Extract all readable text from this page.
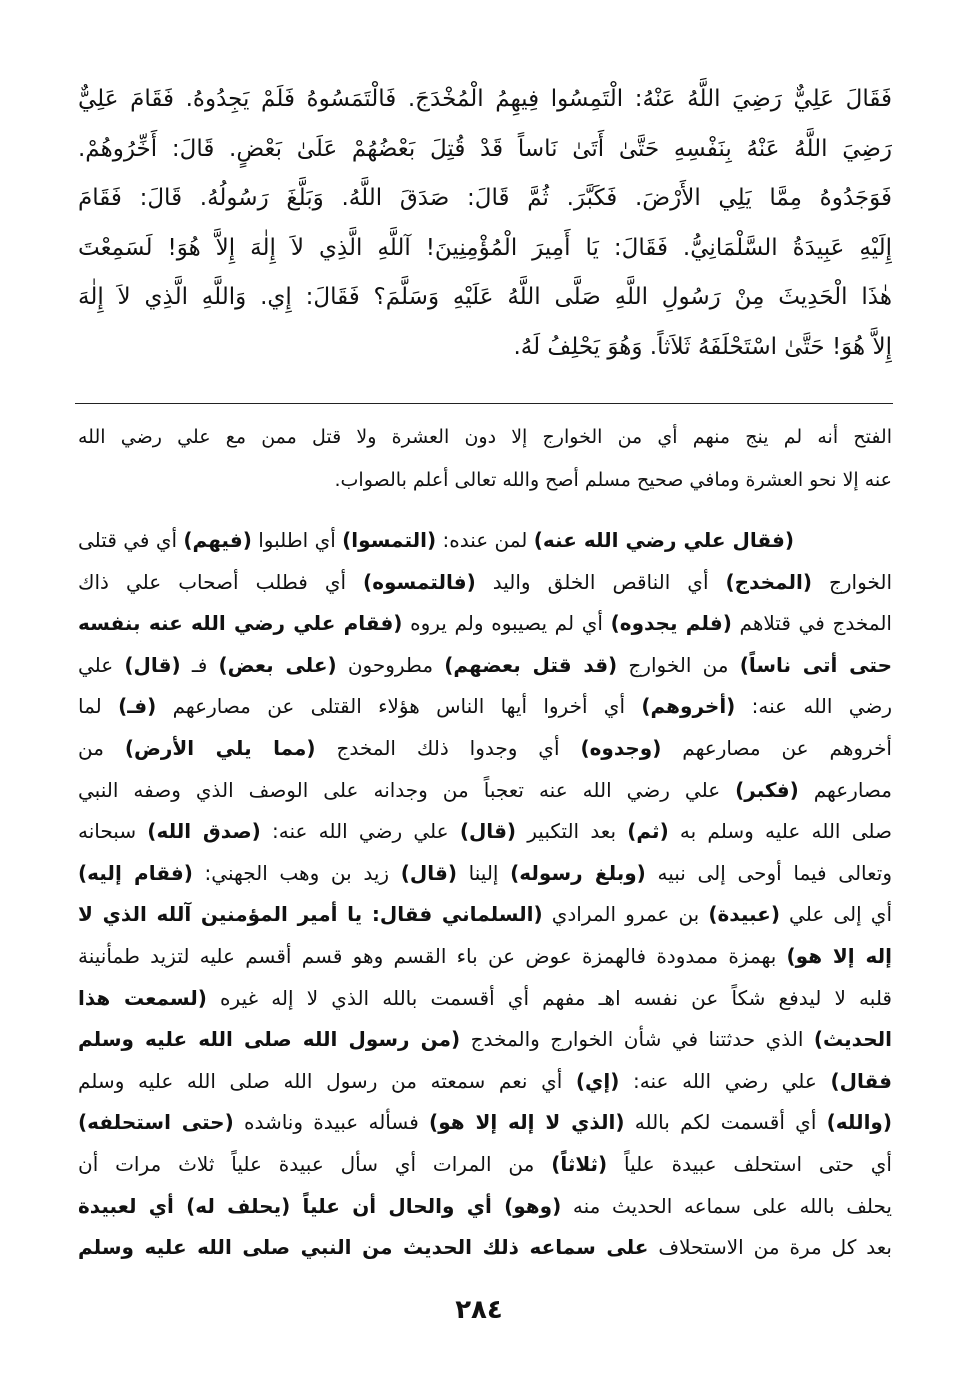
فَقَالَ عَلِيٌّ رَضِيَ اللَّهُ عَنْهُ: الْتَمِسُوا فِيهِمُ الْمُخْدَجَ. فَالْتَمَسُوهُ فَلَمْ يَجِدُوهُ. فَقَامَ عَلِيٌّ
رَضِيَ اللَّهُ عَنْهُ بِنَفْسِهِ حَتَّىٰ أَتَىٰ نَاساً قَدْ قُتِلَ بَعْضُهُمْ عَلَىٰ بَعْضٍ. قَالَ: أَخِّرُوهُمْ.
فَوَجَدُوهُ مِمَّا يَلِي الأَرْضَ. فَكَبَّرَ. ثُمَّ قَالَ: صَدَقَ اللَّهُ. وَبَلَّغَ رَسُولُهُ. قَالَ: فَقَامَ
إِلَيْهِ عَبِيدَةُ السَّلْمَانِيُّ. فَقَالَ: يَا أَمِيرَ الْمُؤْمِنِينَ! آللَّهِ الَّذِي لاَ إِلٰهَ إِلاَّ هُوَ! لَسَمِعْتَ
هٰذَا الْحَدِيثَ مِنْ رَسُولِ اللَّهِ صَلَّى اللَّهُ عَلَيْهِ وَسَلَّمَ؟ فَقَالَ: إِي. وَاللَّهِ الَّذِي لاَ إِلٰهَ
إِلاَّ هُوَ! حَتَّىٰ اسْتَحْلَفَهُ ثَلاَثاً. وَهُوَ يَحْلِفُ لَهُ.
الفتح أنه لم ينج منهم أي من الخوارج إلا دون العشرة ولا قتل ممن مع علي رضي الله
عنه إلا نحو العشرة ومافي صحيح مسلم أصح والله تعالى أعلم بالصواب.
(فقال علي رضي الله عنه) لمن عنده: (التمسوا) أي اطلبوا (فيهم) أي في قتلى
الخوارج (المخدج) أي الناقص الخلق واليد (فالتمسوه) أي فطلب أصحاب علي ذاك
المخدج في قتلاهم (فلم يجدوه) أي لم يصيبوه ولم يروه (فقام علي رضي الله عنه بنفسه
حتى أتى ناساً) من الخوارج (قد قتل بعضهم) مطروحون (على بعض) فـ (قال) علي
رضي الله عنه: (أخروهم) أي أخروا أيها الناس هؤلاء القتلى عن مصارعهم (فـ) لما
أخروهم عن مصارعهم (وجدوه) أي وجدوا ذلك المخدج (مما يلي الأرض) من
مصارعهم (فكبر) علي رضي الله عنه تعجباً من وجدانه على الوصف الذي وصفه النبي
صلى الله عليه وسلم به (ثم) بعد التكبير (قال) علي رضي الله عنه: (صدق الله) سبحانه
وتعالى فيما أوحى إلى نبيه (وبلغ رسوله) إلينا (قال) زيد بن وهب الجهني: (فقام إليه)
أي إلى علي (عبيدة) بن عمرو المرادي (السلماني فقال: يا أمير المؤمنين آلله الذي لا
إله إلا هو) بهمزة ممدودة فالهمزة عوض عن باء القسم وهو قسم أقسم عليه لتزيد طمأنينة
قلبه لا ليدفع شكاً عن نفسه اهـ مفهم أي أقسمت بالله الذي لا إله غيره (لسمعت هذا
الحديث) الذي حدثتنا في شأن الخوارج والمخدج (من رسول الله صلى الله عليه وسلم
فقال) علي رضي الله عنه: (إي) أي نعم سمعته من رسول الله صلى الله عليه وسلم
(والله) أي أقسمت لكم بالله (الذي لا إله إلا هو) فسأله عبيدة وناشده (حتى استحلفه)
أي حتى استحلف عبيدة علياً (ثلاثاً) من المرات أي سأل عبيدة علياً ثلاث مرات أن
يحلف بالله على سماعه الحديث منه (وهو) أي والحال أن علياً (يحلف له) أي لعبيدة
بعد كل مرة من الاستحلاف على سماعه ذلك الحديث من النبي صلى الله عليه وسلم
٢٨٤
